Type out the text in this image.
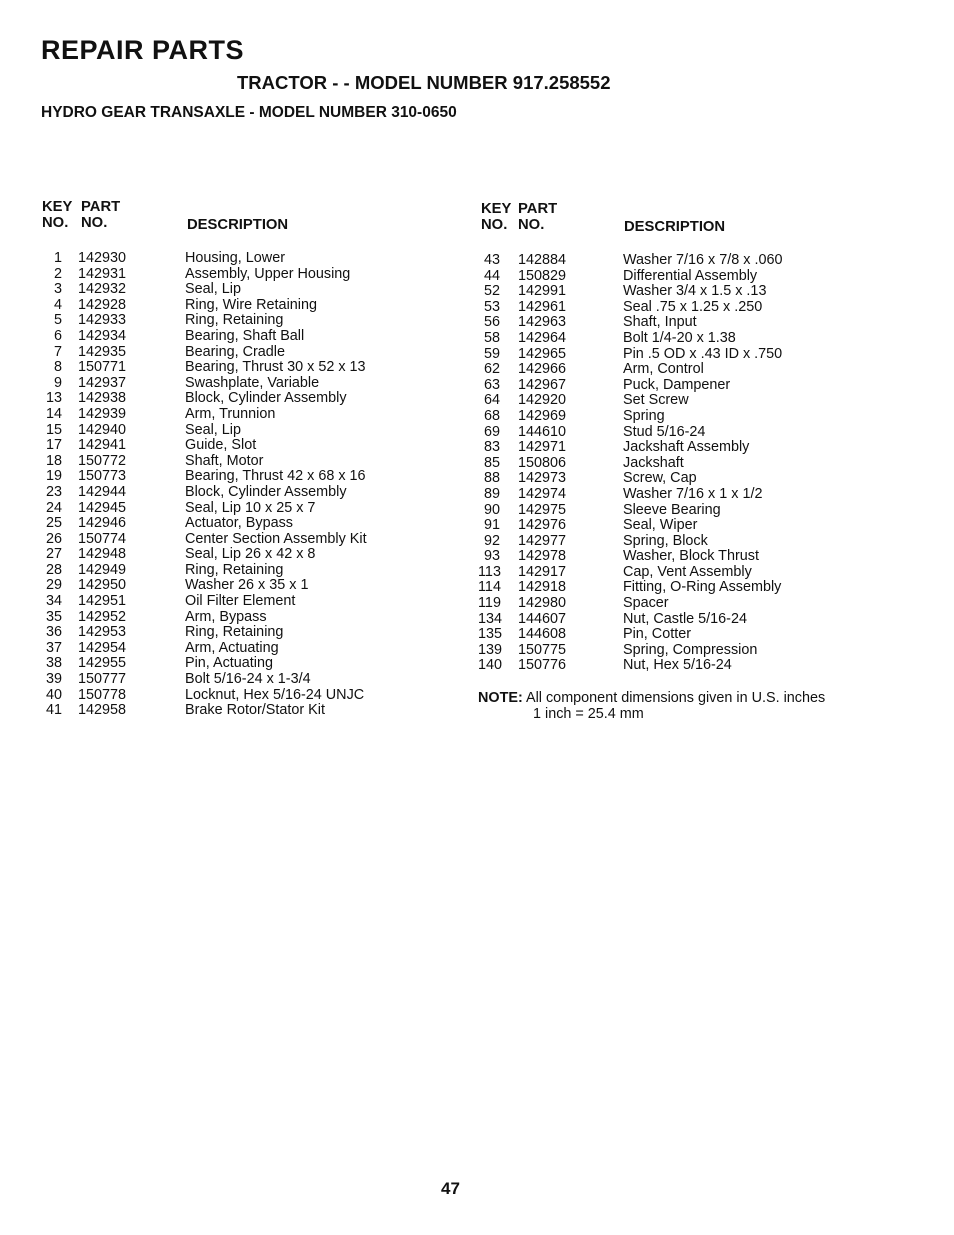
REPAIR PARTS
TRACTOR - - MODEL NUMBER 917.258552
HYDRO GEAR TRANSAXLE - MODEL NUMBER 310-0650
KEY
NO.
PART
NO.	DESCRIPTION
1 142930	Housing, Lower
2 142931	Assembly, Upper Housing
3 142932	Seal, Lip
4 142928	Ring, Wire Retaining
5 142933	Ring, Retaining
6 142934	Bearing, Shaft Ball
7 142935	Bearing, Cradle
8 150771	Bearing, Thrust 30 x 52 x 13
9 142937	Swashplate, Variable
13 142938	Block, Cylinder Assembly
14 142939	Arm, Trunnion
15 142940	Seal, Lip
17 142941	Guide, Slot
18 150772	Shaft, Motor
19 150773	Bearing, Thrust 42 x 68 x 16
23 142944	Block, Cylinder Assembly
24 142945	Seal, Lip 10 x 25 x 7
25 142946	Actuator, Bypass
26 150774	Center Section Assembly Kit
27 142948	Seal, Lip 26 x 42 x 8
28 142949	Ring, Retaining
29 142950	Washer 26 x 35 x 1
34 142951	Oil Filter Element
35 142952	Arm, Bypass
36 142953	Ring, Retaining
37 142954	Arm, Actuating
38 142955	Pin, Actuating
39 150777	Bolt 5/16-24 x 1-3/4
40 150778	Locknut, Hex 5/16-24 UNJC
41 142958	Brake Rotor/Stator Kit
KEY
NO.
PART
NO.	DESCRIPTION
43 142884	Washer 7/16 x 7/8 x .060
44 150829	Differential Assembly
52 142991	Washer 3/4 x 1.5 x .13
53 142961	Seal .75 x 1.25 x .250
56 142963	Shaft, Input
58 142964	Bolt 1/4-20 x 1.38
59 142965	Pin .5 OD x .43 ID x .750
62 142966	Arm, Control
63 142967	Puck, Dampener
64 142920	Set Screw
68 142969	Spring
69 144610	Stud 5/16-24
83 142971	Jackshaft Assembly
85 150806	Jackshaft
88 142973	Screw, Cap
89 142974	Washer 7/16 x 1 x 1/2
90 142975	Sleeve Bearing
91 142976	Seal, Wiper
92 142977	Spring, Block
93 142978	Washer, Block Thrust
113 142917	Cap, Vent Assembly
114 142918	Fitting, O-Ring Assembly
119 142980	Spacer
134 144607	Nut, Castle 5/16-24
135 144608	Pin, Cotter
139 150775	Spring, Compression
140 150776	Nut, Hex 5/16-24
NOTE: All component dimensions given in U.S. inches
1 inch = 25.4 mm
47
